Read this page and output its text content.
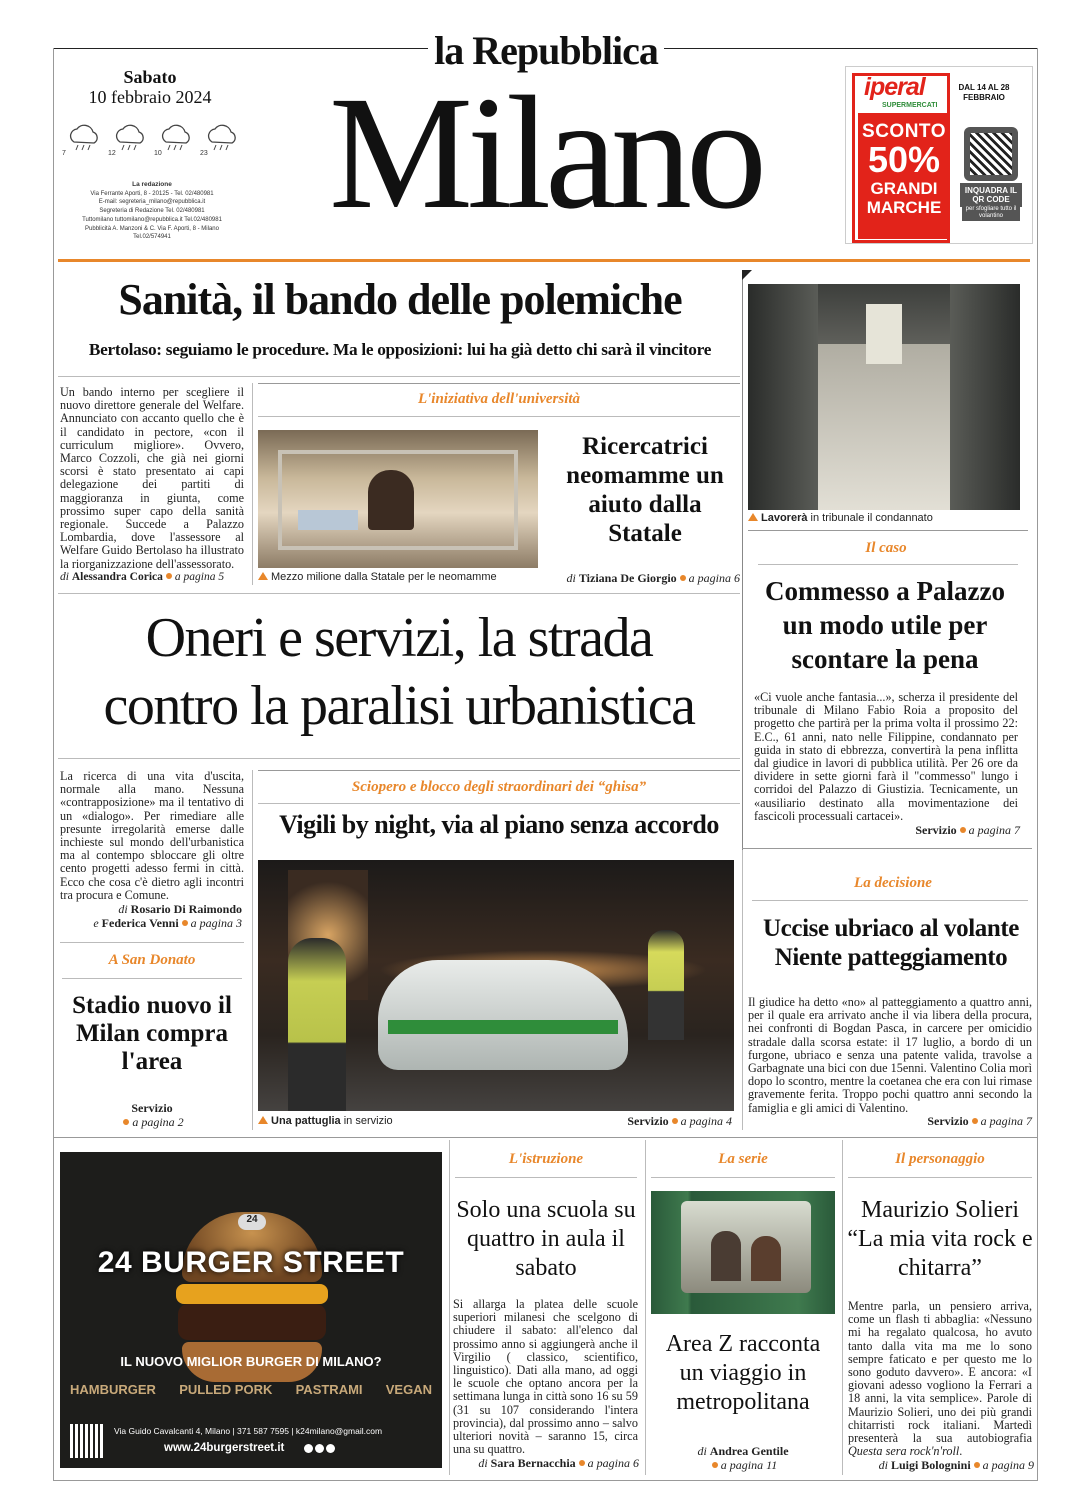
la Repubblica
Sabato
10 febbraio 2024
7	12	10	23
La redazione
Via Ferrante Aporti, 8 - 20125 - Tel. 02/480981
E-mail: segreteria_milano@repubblica.it
Segreteria di Redazione Tel. 02/480981
Tuttomilano tuttomilano@repubblica.it Tel.02/480981
Pubblicità A. Manzoni & C. Via F. Aporti, 8 - Milano
Tel.02/574941 Milano	iperal
SUPERMERCATI
DAL 14 AL 28 FEBBRAIO
SCONTO
50%
GRANDI
MARCHE
INQUADRA IL QR CODE
per sfogliare tutto il volantino
Sanità, il bando delle polemiche
Bertolaso: seguiamo le procedure. Ma le opposizioni: lui ha già detto chi sarà il vincitore
Un bando interno per scegliere il nuovo direttore generale del Welfare. Annunciato con accanto quello che è il candidato in pectore, «con il curriculum migliore». Ovvero, Marco Cozzoli, che già nei giorni scorsi è stato presentato ai capi delegazione dei partiti di maggioranza in giunta, come prossimo super capo della sanità regionale. Succede a Palazzo Lombardia, dove l'assessore al Welfare Guido Bertolaso ha illustrato la riorganizzazione dell'assessorato.
di Alessandra Corica a pagina 5
L'iniziativa dell'università
Mezzo milione dalla Statale per le neomamme
Ricercatrici neomamme un aiuto dalla Statale
di Tiziana De Giorgio a pagina 6
Lavorerà in tribunale il condannato
Il caso
Commesso a Palazzo un modo utile per scontare la pena
«Ci vuole anche fantasia...», scherza il presidente del tribunale di Milano Fabio Roia a proposito del progetto che partirà per la prima volta il prossimo 22: E.C., 61 anni, nato nelle Filippine, condannato per guida in stato di ebbrezza, convertirà la pena inflitta dal giudice in lavori di pubblica utilità. Per 26 ore da dividere in sette giorni farà il "commesso" lungo i corridoi del Palazzo di Giustizia. Tecnicamente, un «ausiliario destinato alla movimentazione dei fascicoli processuali cartacei».
Servizio a pagina 7
Oneri e servizi, la strada
contro la paralisi urbanistica
La ricerca di una vita d'uscita, normale alla mano. Nessuna «contrapposizione» ma il tentativo di un «dialogo». Per rimediare alle presunte irregolarità emerse dalle inchieste sul mondo dell'urbanistica ma al contempo sbloccare gli oltre cento progetti adesso fermi in città. Ecco che cosa c'è dietro agli incontri tra procura e Comune.
di Rosario Di Raimondo
e Federica Venni a pagina 3
A San Donato
Stadio nuovo il Milan compra l'area
Servizio
a pagina 2
Sciopero e blocco degli straordinari dei “ghisa”
Vigili by night, via al piano senza accordo
Una pattuglia in servizio	Servizio a pagina 4
La decisione
Uccise ubriaco al volante
Niente patteggiamento
Il giudice ha detto «no» al patteggiamento a quattro anni, per il quale era arrivato anche il via libera della procura, nei confronti di Bogdan Pasca, in carcere per omicidio stradale dalla scorsa estate: il 17 luglio, a bordo di un furgone, ubriaco e senza una patente valida, travolse a Garbagnate una bici con due 15enni. Valentino Colia morì dopo lo scontro, mentre la coetanea che era con lui rimase gravemente ferita. Troppo pochi quattro anni secondo la famiglia e gli amici di Valentino.
Servizio a pagina 7
24
24 BURGER STREET
IL NUOVO MIGLIOR BURGER DI MILANO?
HAMBURGER PULLED PORK PASTRAMI VEGAN
Via Guido Cavalcanti 4, Milano | 371 587 7595 | k24milano@gmail.com
www.24burgerstreet.it
L'istruzione
Solo una scuola su quattro in aula il sabato
Si allarga la platea delle scuole superiori milanesi che scelgono di chiudere il sabato: all'elenco dal prossimo anno si aggiungerà anche il Virgilio ( classico, scientifico, linguistico). Dati alla mano, ad oggi le scuole che optano ancora per la settimana lunga in città sono 16 su 59 (31 su 107 considerando l'intera provincia), dal prossimo anno – salvo ulteriori novità – saranno 15, circa una su quattro.
di Sara Bernacchia a pagina 6
La serie
Area Z racconta un viaggio in metropolitana
di Andrea Gentile
a pagina 11
Il personaggio
Maurizio Solieri “La mia vita rock e chitarra”
Mentre parla, un pensiero arriva, come un flash ti abbaglia: «Nessuno mi ha regalato qualcosa, ho avuto tanto dalla vita ma me lo sono sempre faticato e per questo me lo sono goduto davvero». E ancora: «I giovani adesso vogliono la Ferrari a 18 anni, la vita semplice». Parole di Maurizio Solieri, uno dei più grandi chitarristi rock italiani. Martedì presenterà la sua autobiografia Questa sera rock'n'roll.
di Luigi Bolognini a pagina 9
